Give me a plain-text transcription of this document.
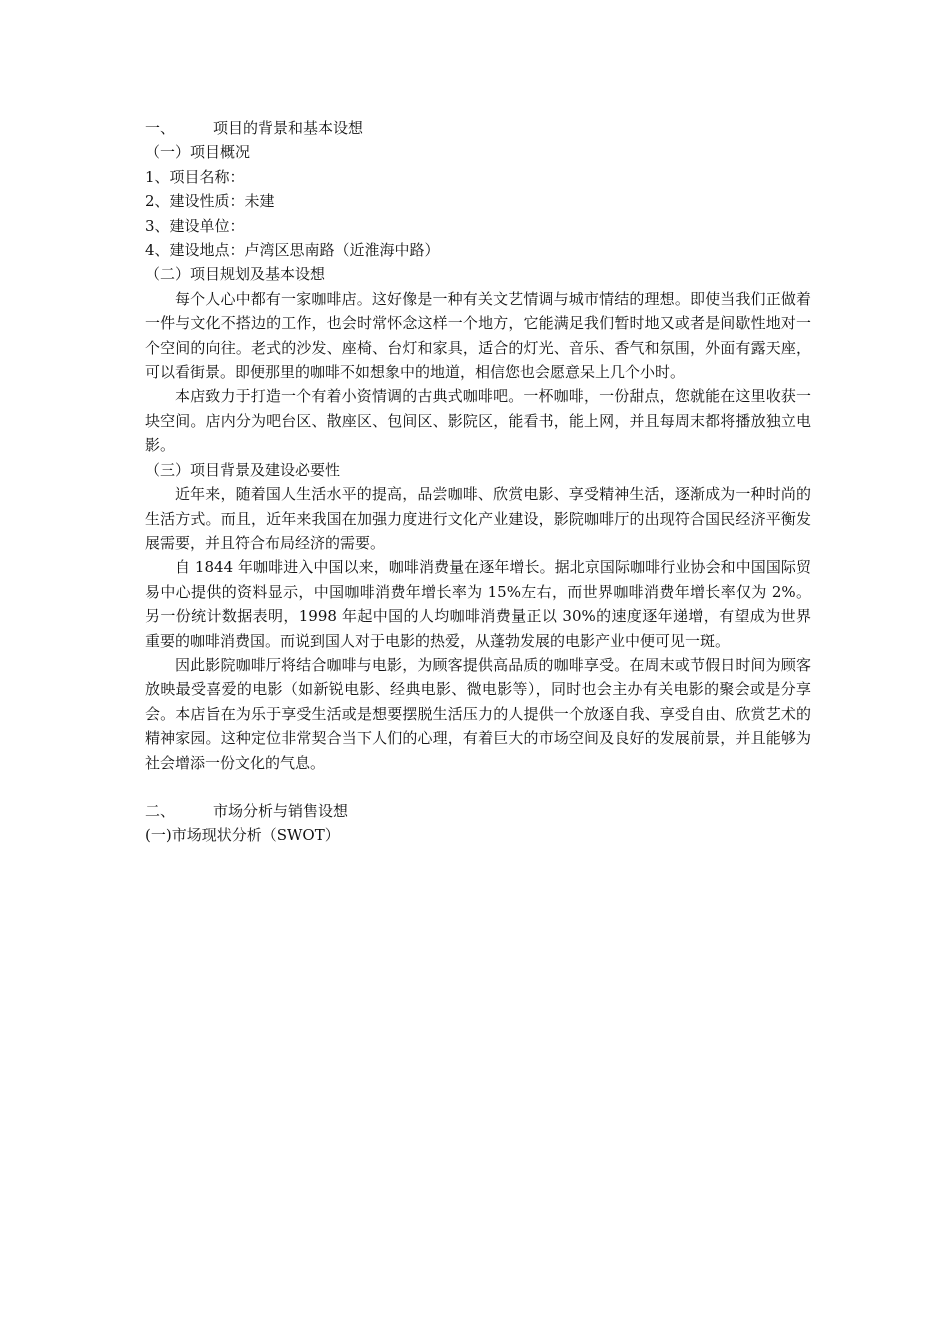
一、	项目的背景和基本设想

（一）项目概况

1、项目名称：

2、建设性质：未建

3、建设单位：

4、建设地点：卢湾区思南路（近淮海中路）

（二）项目规划及基本设想

每个人心中都有一家咖啡店。这好像是一种有关文艺情调与城市情结的理想。即使当我们正做着一件与文化不搭边的工作，也会时常怀念这样一个地方，它能满足我们暂时地又或者是间歇性地对一个空间的向往。老式的沙发、座椅、台灯和家具，适合的灯光、音乐、香气和氛围，外面有露天座，可以看街景。即便那里的咖啡不如想象中的地道，相信您也会愿意呆上几个小时。

本店致力于打造一个有着小资情调的古典式咖啡吧。一杯咖啡，一份甜点，您就能在这里收获一块空间。店内分为吧台区、散座区、包间区、影院区，能看书，能上网，并且每周末都将播放独立电影。

（三）项目背景及建设必要性

近年来，随着国人生活水平的提高，品尝咖啡、欣赏电影、享受精神生活，逐渐成为一种时尚的生活方式。而且，近年来我国在加强力度进行文化产业建设，影院咖啡厅的出现符合国民经济平衡发展需要，并且符合布局经济的需要。

自 1844 年咖啡进入中国以来，咖啡消费量在逐年增长。据北京国际咖啡行业协会和中国国际贸易中心提供的资料显示，中国咖啡消费年增长率为 15%左右，而世界咖啡消费年增长率仅为 2%。另一份统计数据表明，1998 年起中国的人均咖啡消费量正以 30%的速度逐年递增，有望成为世界重要的咖啡消费国。而说到国人对于电影的热爱，从蓬勃发展的电影产业中便可见一斑。

因此影院咖啡厅将结合咖啡与电影，为顾客提供高品质的咖啡享受。在周末或节假日时间为顾客放映最受喜爱的电影（如新锐电影、经典电影、微电影等），同时也会主办有关电影的聚会或是分享会。本店旨在为乐于享受生活或是想要摆脱生活压力的人提供一个放逐自我、享受自由、欣赏艺术的精神家园。这种定位非常契合当下人们的心理，有着巨大的市场空间及良好的发展前景，并且能够为社会增添一份文化的气息。

二、	市场分析与销售设想

(一)市场现状分析（SWOT）
